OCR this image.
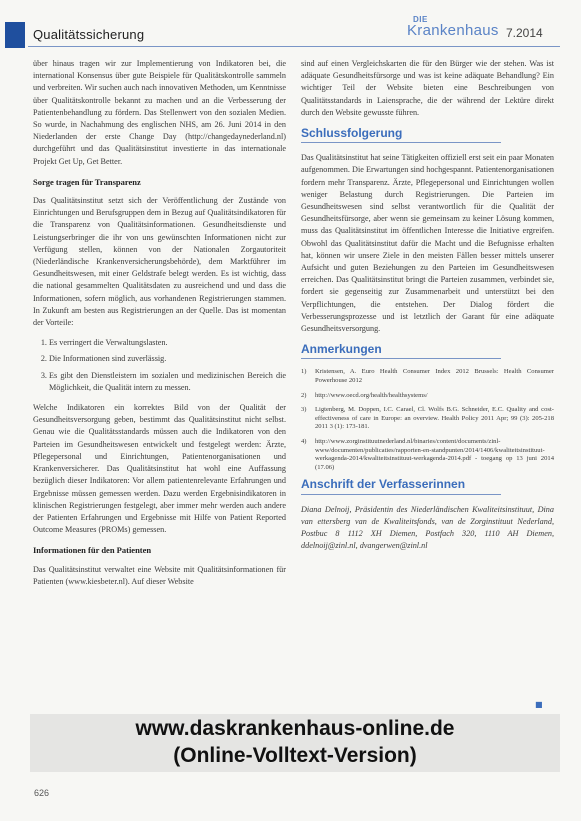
Qualitätssicherung
DIE
Krankenhaus 7.2014

über hinaus tragen wir zur Implementierung von Indikatoren bei, die international Konsensus über gute Beispiele für Qualitätskontrolle sammeln und verbreiten. Wir suchen auch nach innovativen Methoden, um Kenntnisse über Qualitätskontrolle bekannt zu machen und an die Verbesserung der Patientenbehandlung zu fördern. Das Stellenwert von den sozialen Medien. So wurde, in Nachahmung des englischen NHS, am 26. Juni 2014 in den Niederlanden der erste Change Day (http://changedaynederland.nl) durchgeführt und das Qualitätsinstitut investierte in das internationale Projekt Get Up, Get Better.

Sorge tragen für Transparenz

Das Qualitätsinstitut setzt sich der Veröffentlichung der Zustände von Einrichtungen und Berufsgruppen dem in Bezug auf Qualitätsindikatoren für die Transparenz von Qualitätsinformationen. Gesundheitsdienste und Leistungserbringer die ihr von uns gewünschten Informationen nicht zur Verfügung stellen, können von der Nationalen Zorgautoriteit (Niederländische Krankenversicherungsbehörde), dem Marktführer im Gesundheitswesen, mit einer Geldstrafe belegt werden. Es ist wichtig, dass die national gesammelten Qualitätsdaten zu ausreichend und und dass die Informationen, sofern möglich, aus vorhandenen Registrierungen stammen. In Zukunft am besten aus Registrierungen an der Quelle. Das ist momentan der Vorteile:

1. Es verringert die Verwaltungslasten.
2. Die Informationen sind zuverlässig.
3. Es gibt den Dienstleistern im sozialen und medizinischen Bereich die Möglichkeit, die Qualität intern zu messen.

Welche Indikatoren ein korrektes Bild von der Qualität der Gesundheitsversorgung geben, bestimmt das Qualitätsinstitut nicht selbst. Genau wie die Qualitätsstandards müssen auch die Indikatoren von den Parteien im Gesundheitswesen entwickelt und festgelegt werden: Ärzte, Pflegepersonal und Einrichtungen, Patientenorganisationen und Krankenversicherer. Das Qualitätsinstitut hat wohl eine Auffassung bezüglich dieser Indikatoren: Vor allem patientenrelevante Erfahrungen und Ergebnisse müssen gemessen werden. Dazu werden Ergebnisindikatoren in klinischen Registrierungen festgelegt, aber immer mehr werden auch andere der Patienten Erfahrungen und Ergebnisse mit Hilfe von Patient Reported Outcome Measures (PROMs) gemessen.

Informationen für den Patienten

Das Qualitätsinstitut verwaltet eine Website mit Qualitätsinformationen für Patienten (www.kiesbeter.nl). Auf dieser Website

sind auf einen Vergleichskarten die für den Bürger wie der stehen. Was ist adäquate Gesundheitsfürsorge und was ist keine adäquate Behandlung? Ein wichtiger Teil der Website bieten eine Beschreibungen von Qualitätsstandards in Laiensprache, die der während der Lektüre direkt durch den Website gewusste führen.

Schlussfolgerung

Das Qualitätsinstitut hat seine Tätigkeiten offiziell erst seit ein paar Monaten aufgenommen. Die Erwartungen sind hochgespannt. Patientenorganisationen fordern mehr Transparenz. Ärzte, Pflegepersonal und Einrichtungen wollen weniger Belastung durch Registrierungen. Die Parteien im Gesundheitswesen sind selbst verantwortlich für die Qualität der Gesundheitsfürsorge, aber wenn sie gemeinsam zu keiner Lösung kommen, muss das Qualitätsinstitut im öffentlichen Interesse die Initiative ergreifen. Obwohl das Qualitätsinstitut dafür die Macht und die Befugnisse erhalten hat, können wir unsere Ziele in den meisten Fällen besser mittels unserer Aufsicht und guten Beziehungen zu den Parteien im Gesundheitswesen erreichen. Das Qualitätsinstitut bringt die Parteien zusammen, verbindet sie, fordert sie gegenseitig zur Zusammenarbeit und unterstützt bei den Verpflichtungen, die entstehen. Der Dialog fördert die Verbesserungsprozesse und ist letztlich der Garant für eine adäquate Gesundheitsversorgung.

Anmerkungen
1)	Kristensen, A. Euro Health Consumer Index 2012 Brussels: Health Consumer Powerhouse 2012
2)	http://www.oecd.org/health/healthsystems/
3)	Ligtenberg, M. Doppen, I.C. Carael, Cl. Wolfs B.G. Schneider, E.C. Quality and cost-effectiveness of care in Europe: an overview. Health Policy 2011 Apr; 99 (3): 205-218 2011 3 (1): 173-181.
4)	http://www.zorginstituutnederland.nl/binaries/content/documents/zinl-www/documenten/publicaties/rapporten-en-standpunten/2014/1406/kwaliteitsinstituut-werkagenda-2014/kwaliteitsinstituut-werkagenda-2014.pdf - toegang op 13 juni 2014 (17.06)
Anschrift der Verfasserinnen
Diana Delnoij, Präsidentin des Niederländischen Kwaliteitsinstituut, Dina van ettersberg van de Kwaliteitsfonds, van de Zorginstituut Nederland, Postbuc 8 1112 XH Diemen, Postfach 320, 1110 AH Diemen, ddelnoij@zinl.nl, dvangerwen@zinl.nl
■
www.daskrankenhaus-online.de
(Online-Volltext-Version)
626
